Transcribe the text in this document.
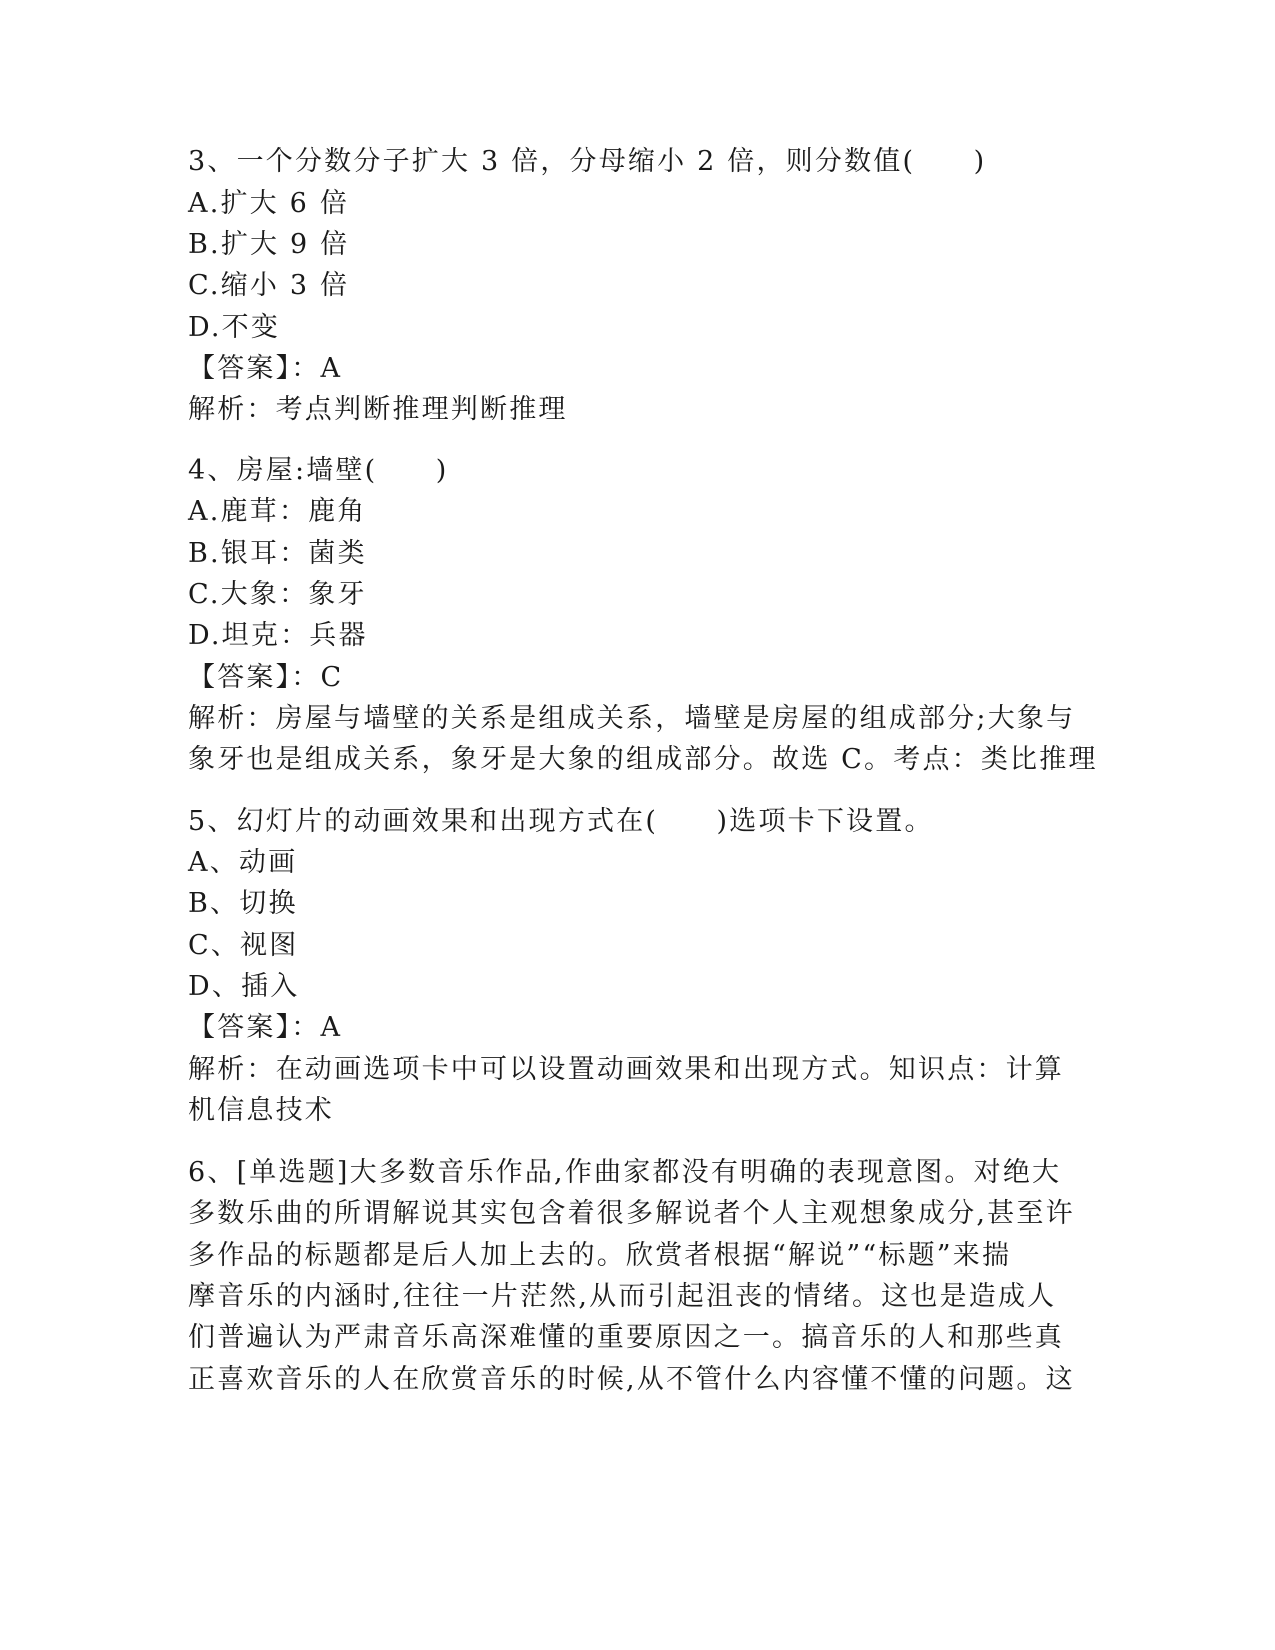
3、一个分数分子扩大 3 倍，分母缩小 2 倍，则分数值(　　)
A.扩大 6 倍
B.扩大 9 倍
C.缩小 3 倍
D.不变
【答案】：A
解析：考点判断推理判断推理
4、房屋:墙壁(　　)
A.鹿茸：鹿角
B.银耳：菌类
C.大象：象牙
D.坦克：兵器
【答案】：C
解析：房屋与墙壁的关系是组成关系，墙壁是房屋的组成部分;大象与
象牙也是组成关系，象牙是大象的组成部分。故选 C。考点：类比推理
5、幻灯片的动画效果和出现方式在(　　)选项卡下设置。
A、动画
B、切换
C、视图
D、插入
【答案】：A
解析：在动画选项卡中可以设置动画效果和出现方式。知识点：计算
机信息技术
6、[单选题]大多数音乐作品,作曲家都没有明确的表现意图。对绝大
多数乐曲的所谓解说其实包含着很多解说者个人主观想象成分,甚至许
多作品的标题都是后人加上去的。欣赏者根据“解说”“标题”来揣
摩音乐的内涵时,往往一片茫然,从而引起沮丧的情绪。这也是造成人
们普遍认为严肃音乐高深难懂的重要原因之一。搞音乐的人和那些真
正喜欢音乐的人在欣赏音乐的时候,从不管什么内容懂不懂的问题。这
